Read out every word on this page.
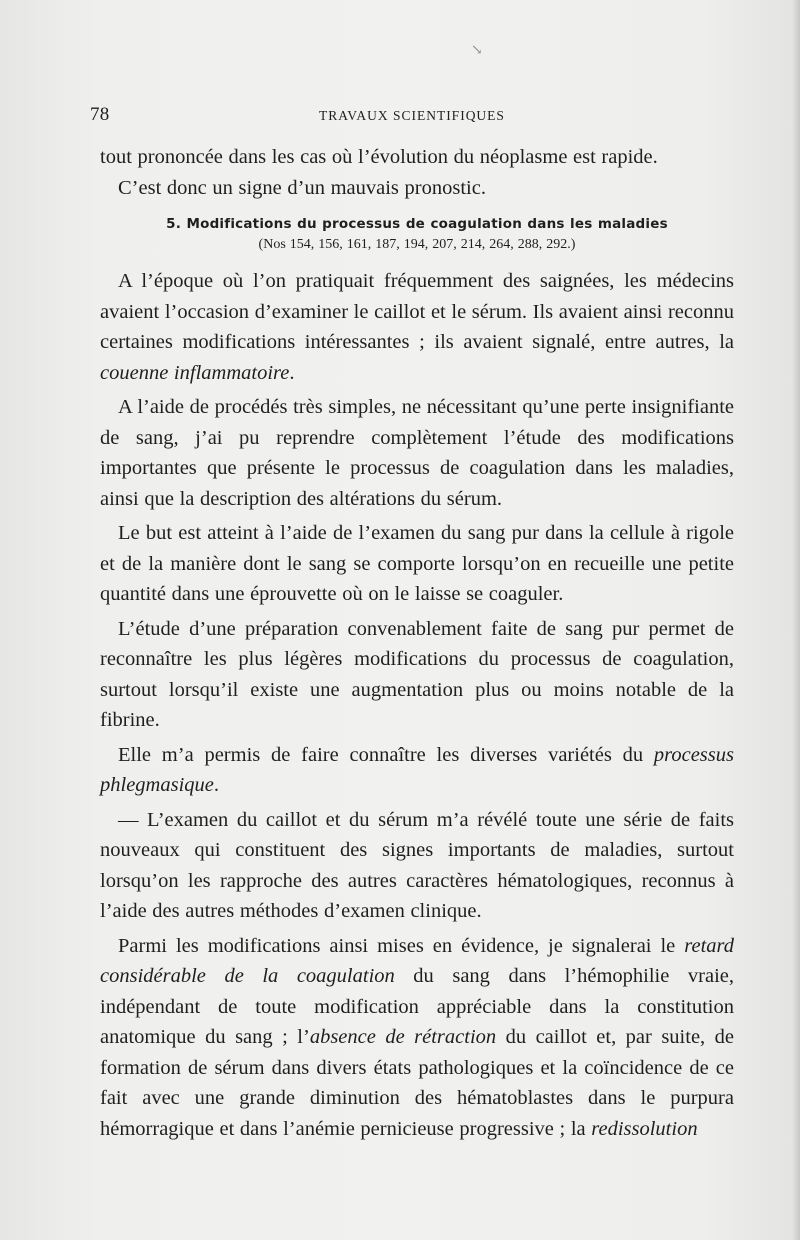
↘
78	TRAVAUX SCIENTIFIQUES

tout prononcée dans les cas où l’évolution du néoplasme est rapide.

C’est donc un signe d’un mauvais pronostic.

5. Modifications du processus de coagulation dans les maladies
(Nos 154, 156, 161, 187, 194, 207, 214, 264, 288, 292.)

A l’époque où l’on pratiquait fréquemment des saignées, les médecins avaient l’occasion d’examiner le caillot et le sérum. Ils avaient ainsi reconnu certaines modifications intéressantes ; ils avaient signalé, entre autres, la couenne inflammatoire.

A l’aide de procédés très simples, ne nécessitant qu’une perte insignifiante de sang, j’ai pu reprendre complètement l’étude des modifications importantes que présente le processus de coagulation dans les maladies, ainsi que la description des altérations du sérum.

Le but est atteint à l’aide de l’examen du sang pur dans la cellule à rigole et de la manière dont le sang se comporte lorsqu’on en recueille une petite quantité dans une éprouvette où on le laisse se coaguler.

L’étude d’une préparation convenablement faite de sang pur permet de reconnaître les plus légères modifications du processus de coagulation, surtout lorsqu’il existe une augmentation plus ou moins notable de la fibrine.

Elle m’a permis de faire connaître les diverses variétés du processus phlegmasique.

— L’examen du caillot et du sérum m’a révélé toute une série de faits nouveaux qui constituent des signes importants de maladies, surtout lorsqu’on les rapproche des autres caractères hématologiques, reconnus à l’aide des autres méthodes d’examen clinique.

Parmi les modifications ainsi mises en évidence, je signalerai le retard considérable de la coagulation du sang dans l’hémophilie vraie, indépendant de toute modification appréciable dans la constitution anatomique du sang ; l’absence de rétraction du caillot et, par suite, de formation de sérum dans divers états pathologiques et la coïncidence de ce fait avec une grande diminution des hématoblastes dans le purpura hémorragique et dans l’anémie pernicieuse progressive ; la redissolution
